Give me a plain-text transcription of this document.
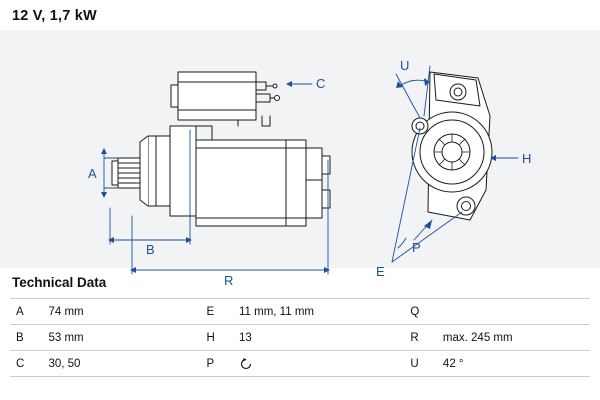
12 V, 1,7 kW
A
B
R
C
U
H
P
E
Technical Data
A	74 mm	E	11 mm, 11 mm	Q	
B	53 mm	H	13	R	max. 245 mm
C	30, 50	P		U	42 °
